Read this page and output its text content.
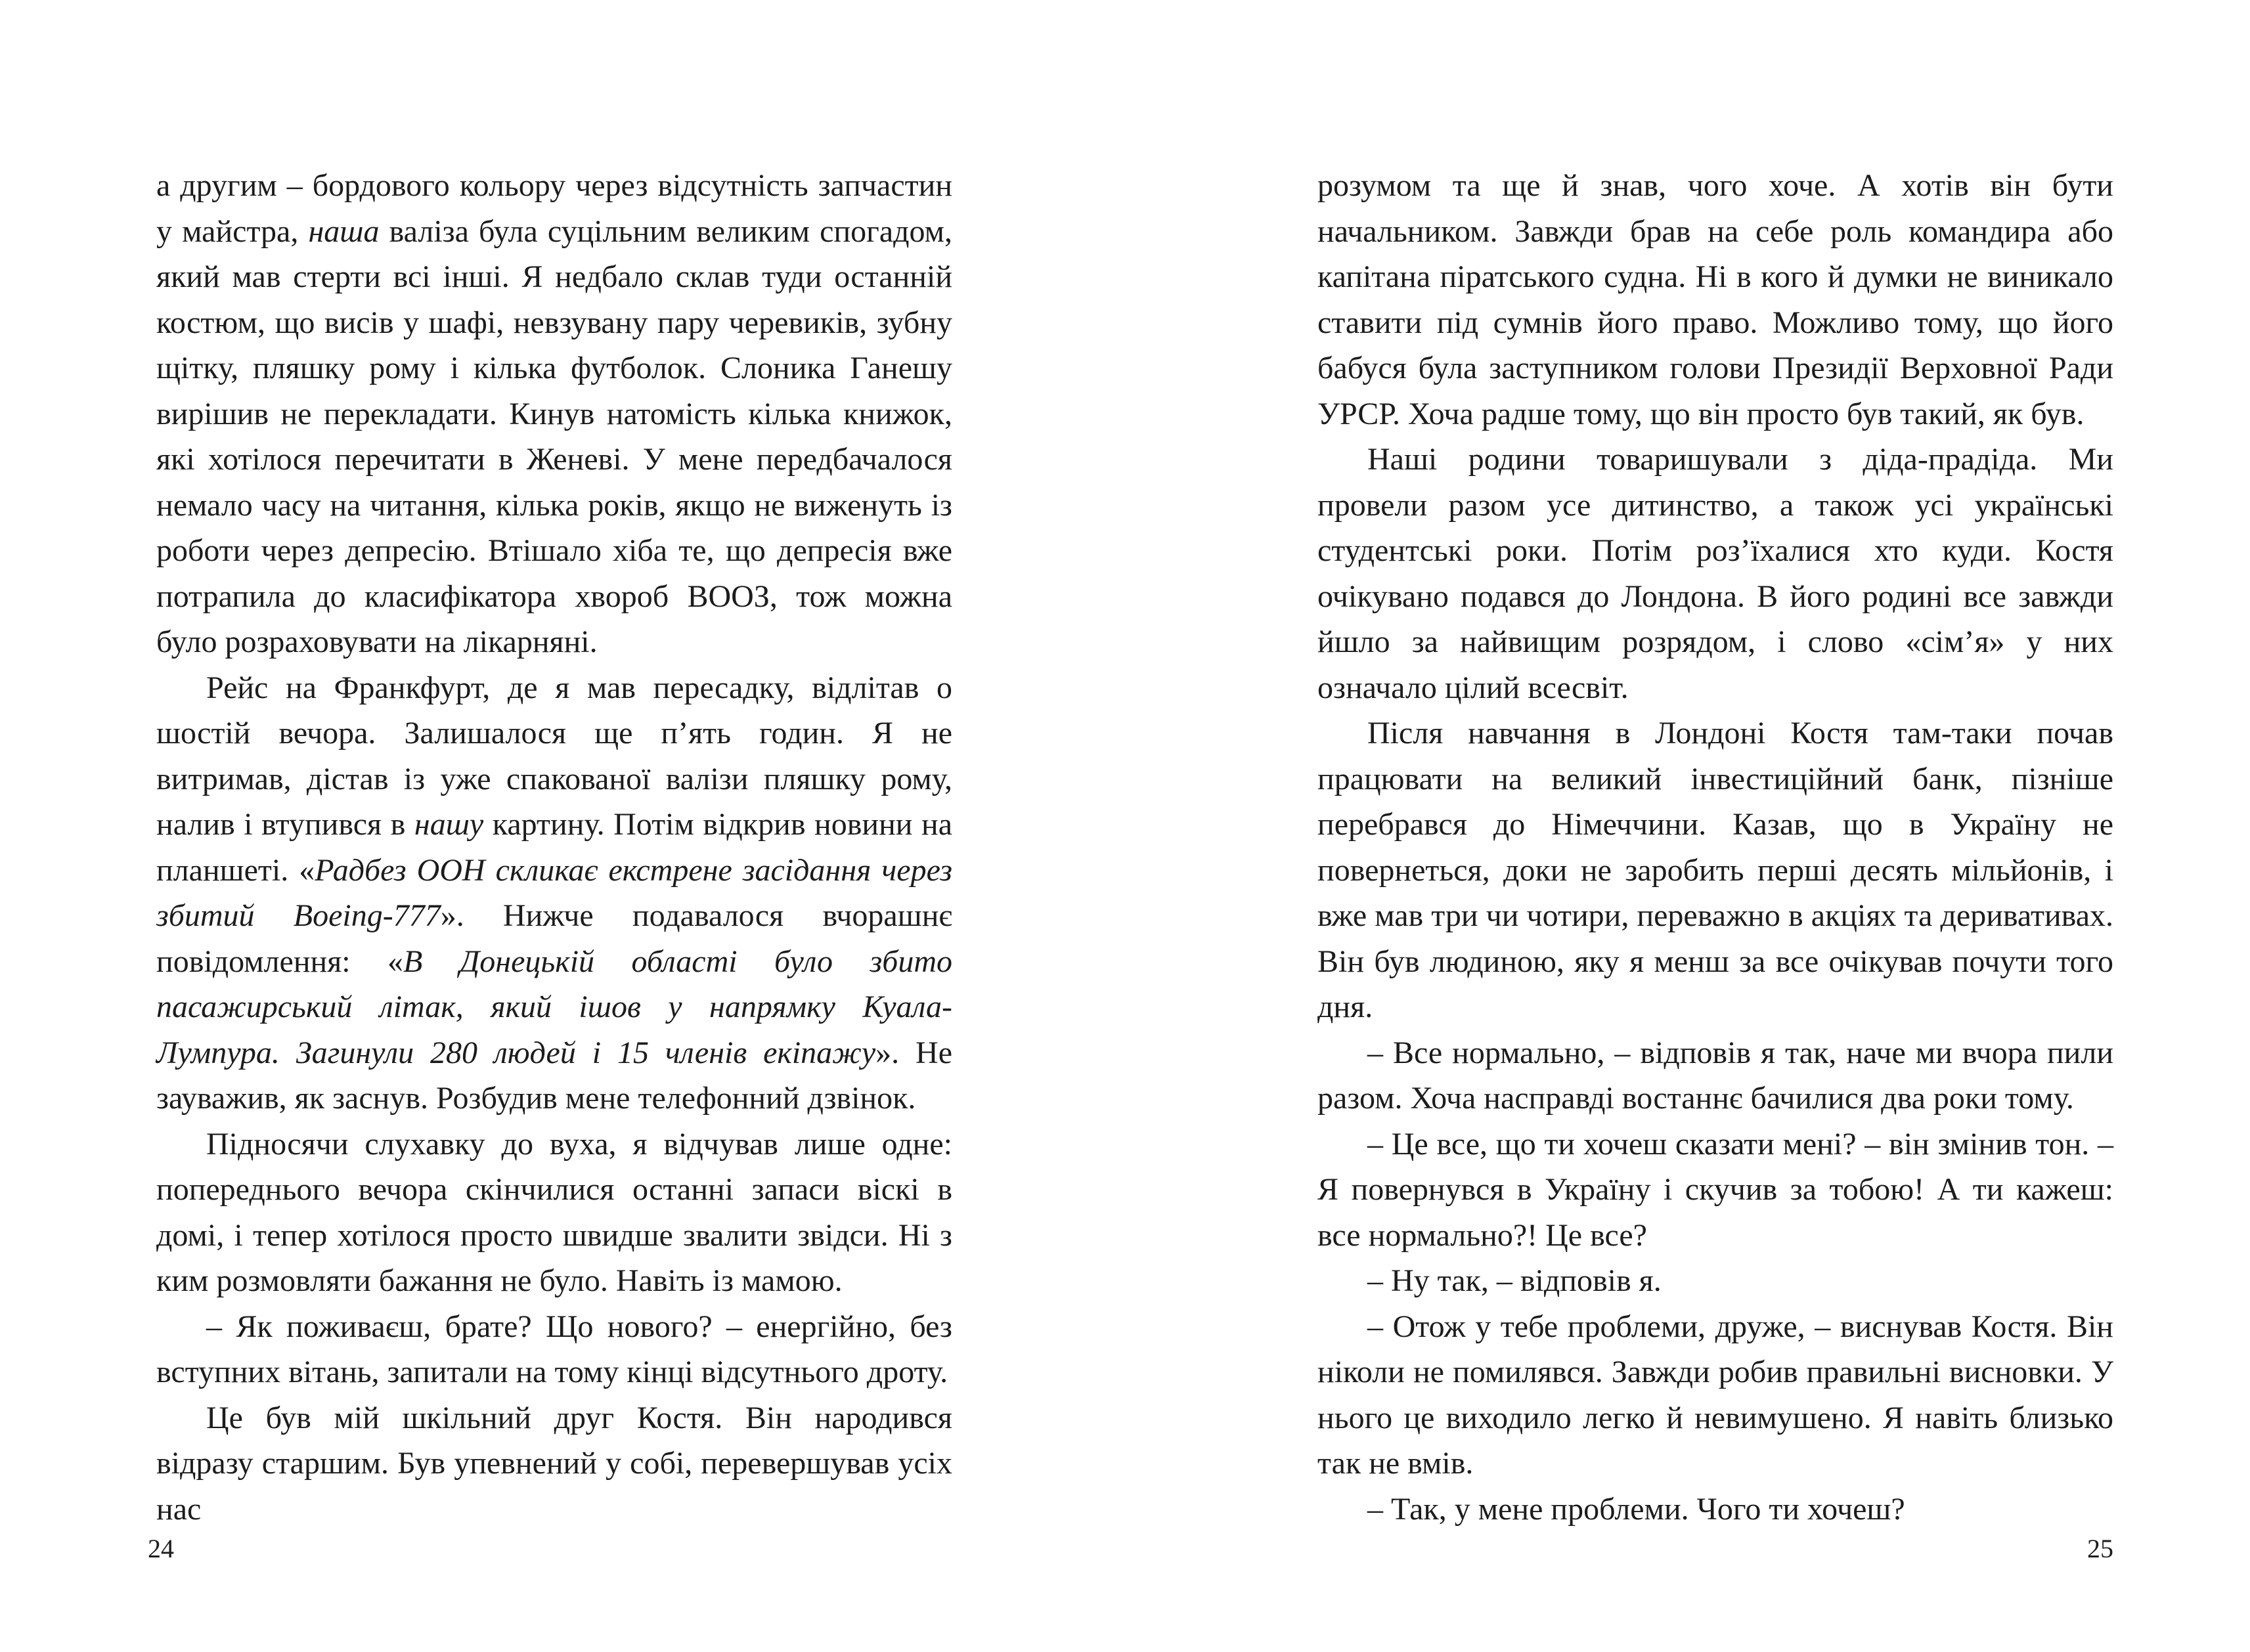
а другим – бордового кольору через відсутність запчастин у майстра, наша валіза була суцільним великим спогадом, який мав стерти всі інші. Я недбало склав туди останній костюм, що висів у шафі, невзувану пару черевиків, зубну щітку, пляшку рому і кілька футболок. Слоника Ганешу вирішив не перекладати. Кинув натомість кілька книжок, які хотілося перечитати в Женеві. У мене передбачалося немало часу на читання, кілька років, якщо не виженуть із роботи через депресію. Втішало хіба те, що депресія вже потрапила до класифікатора хвороб ВООЗ, тож можна було розраховувати на лікарняні.

Рейс на Франкфурт, де я мав пересадку, відлітав о шостій вечора. Залишалося ще п’ять годин. Я не витримав, дістав із уже спакованої валізи пляшку рому, налив і втупився в нашу картину. Потім відкрив новини на планшеті. «Радбез ООН скликає екстрене засідання через збитий Boeing-777». Нижче подавалося вчорашнє повідомлення: «В Донецькій області було збито пасажирський літак, який ішов у напрямку Куала-Лумпура. Загинули 280 людей і 15 членів екіпажу». Не зауважив, як заснув. Розбудив мене телефонний дзвінок.

Підносячи слухавку до вуха, я відчував лише одне: попереднього вечора скінчилися останні запаси віскі в домі, і тепер хотілося просто швидше звалити звідси. Ні з ким розмовляти бажання не було. Навіть із мамою.

– Як поживаєш, брате? Що нового? – енергійно, без вступних вітань, запитали на тому кінці відсутнього дроту.

Це був мій шкільний друг Костя. Він народився відразу старшим. Був упевнений у собі, перевершував усіх нас

24

розумом та ще й знав, чого хоче. А хотів він бути начальником. Завжди брав на себе роль командира або капітана піратського судна. Ні в кого й думки не виникало ставити під сумнів його право. Можливо тому, що його бабуся була заступником голови Президії Верховної Ради УРСР. Хоча радше тому, що він просто був такий, як був.

Наші родини товаришували з діда-прадіда. Ми провели разом усе дитинство, а також усі українські студентські роки. Потім роз’їхалися хто куди. Костя очікувано подався до Лондона. В його родині все завжди йшло за найвищим розрядом, і слово «сім’я» у них означало цілий всесвіт.

Після навчання в Лондоні Костя там-таки почав працювати на великий інвестиційний банк, пізніше перебрався до Німеччини. Казав, що в Україну не повернеться, доки не заробить перші десять мільйонів, і вже мав три чи чотири, переважно в акціях та деривативах. Він був людиною, яку я менш за все очікував почути того дня.

– Все нормально, – відповів я так, наче ми вчора пили разом. Хоча насправді востаннє бачилися два роки тому.

– Це все, що ти хочеш сказати мені? – він змінив тон. – Я повернувся в Україну і скучив за тобою! А ти кажеш: все нормально?! Це все?

– Ну так, – відповів я.

– Отож у тебе проблеми, друже, – виснував Костя. Він ніколи не помилявся. Завжди робив правильні висновки. У нього це виходило легко й невимушено. Я навіть близько так не вмів.

– Так, у мене проблеми. Чого ти хочеш?

25
